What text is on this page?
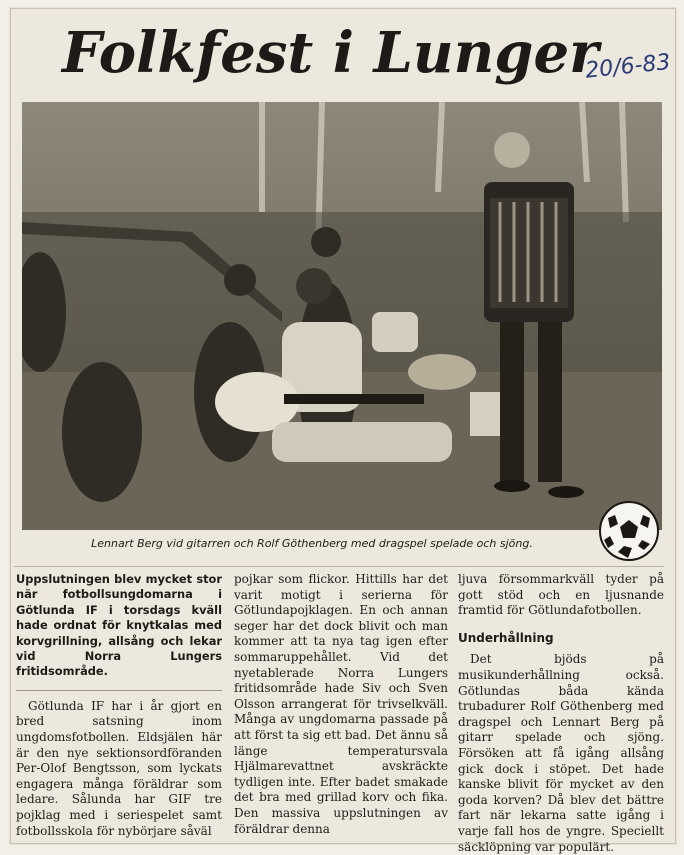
Folkfest i Lunger
20/6-83
Lennart Berg vid gitarren och Rolf Göthenberg med dragspel spelade och sjöng.

Uppslutningen blev mycket stor när fotbollsungdomarna i Götlunda IF i torsdags kväll hade ordnat för knytkalas med korvgrillning, allsång och lekar vid Norra Lungers fritidsområde.

Götlunda IF har i år gjort en bred satsning inom ungdomsfotbollen. Eldsjälen här är den nye sektionsordföranden Per-Olof Bengtsson, som lyckats engagera många föräldrar som ledare. Sålunda har GIF tre pojklag med i seriespelet samt fotbollsskola för nybörjare såväl

pojkar som flickor. Hittills har det varit motigt i serierna för Götlundapojklagen. En och annan seger har det dock blivit och man kommer att ta nya tag igen efter sommaruppehållet. Vid det nyetablerade Norra Lungers fritidsområde hade Siv och Sven Olsson arrangerat för trivselkväll. Många av ungdomarna passade på att först ta sig ett bad. Det ännu så länge temperatursvala Hjälmarevattnet avskräckte tydligen inte. Efter badet smakade det bra med grillad korv och fika. Den massiva uppslutningen av föräldrar denna

ljuva försommarkväll tyder på gott stöd och en ljusnande framtid för Götlundafotbollen.

Underhållning

Det bjöds på musikunderhållning också. Götlundas båda kända trubadurer Rolf Göthenberg med dragspel och Lennart Berg på gitarr spelade och sjöng. Försöken att få igång allsång gick dock i stöpet. Det hade kanske blivit för mycket av den goda korven? Då blev det bättre fart när lekarna satte igång i varje fall hos de yngre. Speciellt säcklöpning var populärt.
